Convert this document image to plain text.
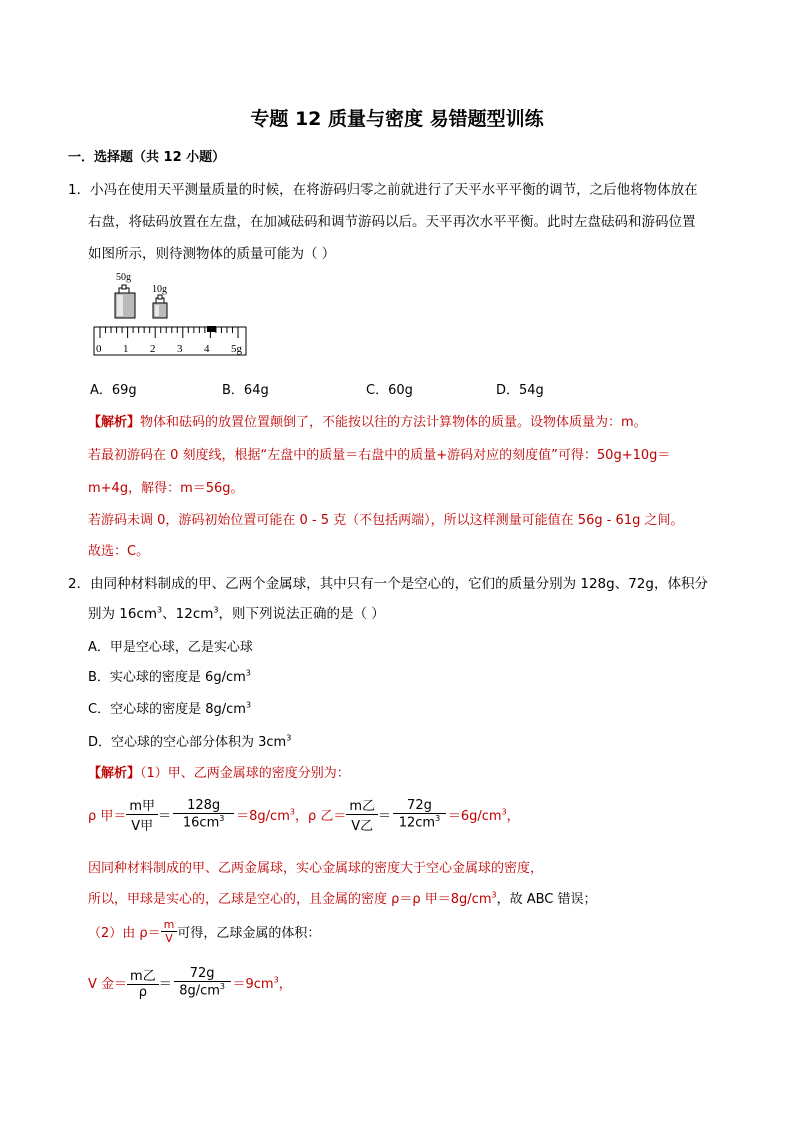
专题 12 质量与密度 易错题型训练
一．选择题（共 12 小题）
1．小冯在使用天平测量质量的时候，在将游码归零之前就进行了天平水平平衡的调节，之后他将物体放在
右盘，将砝码放置在左盘，在加减砝码和调节游码以后。天平再次水平平衡。此时左盘砝码和游码位置
如图所示，则待测物体的质量可能为（ ）
50g
10g
0 1 2 3 4 5g
A．69g	B．64g	C．60g	D．54g
【解析】物体和砝码的放置位置颠倒了，不能按以往的方法计算物体的质量。设物体质量为：m。
若最初游码在 0 刻度线，根据“左盘中的质量＝右盘中的质量+游码对应的刻度值”可得：50g+10g＝
m+4g，解得：m＝56g。
若游码未调 0，游码初始位置可能在 0 - 5 克（不包括两端），所以这样测量可能值在 56g - 61g 之间。
故选：C。
2．由同种材料制成的甲、乙两个金属球，其中只有一个是空心的，它们的质量分别为 128g、72g，体积分
别为 $16cm^3$、$12cm^3$，则下列说法正确的是（ ）
A．甲是空心球，乙是实心球
B．实心球的密度是 $6g/cm^3$
C．空心球的密度是 $8g/cm^3$
D．空心球的空心部分体积为 $3cm^3$
【解析】（1）甲、乙两金属球的密度分别为：
ρ 甲＝ $\frac{\text{m甲}}{\text{V甲}} = \frac{128g}{16cm^3} =8g/cm^3$，ρ 乙＝ $\frac{\text{m乙}}{\text{V乙}} = \frac{72g}{12cm^3} =6g/cm^3$，
因同种材料制成的甲、乙两金属球，实心金属球的密度大于空心金属球的密度，
所以，甲球是实心的，乙球是空心的，且金属的密度 ρ＝ρ 甲$=8g/cm^3$，故 ABC 错误；
（2）由 $\rho= \frac{m}{V}$ 可得，乙球金属的体积：
V 金＝ $\frac{\text{m乙}}{\rho} = \frac{72g}{8g/cm^3} =9cm^3$，
